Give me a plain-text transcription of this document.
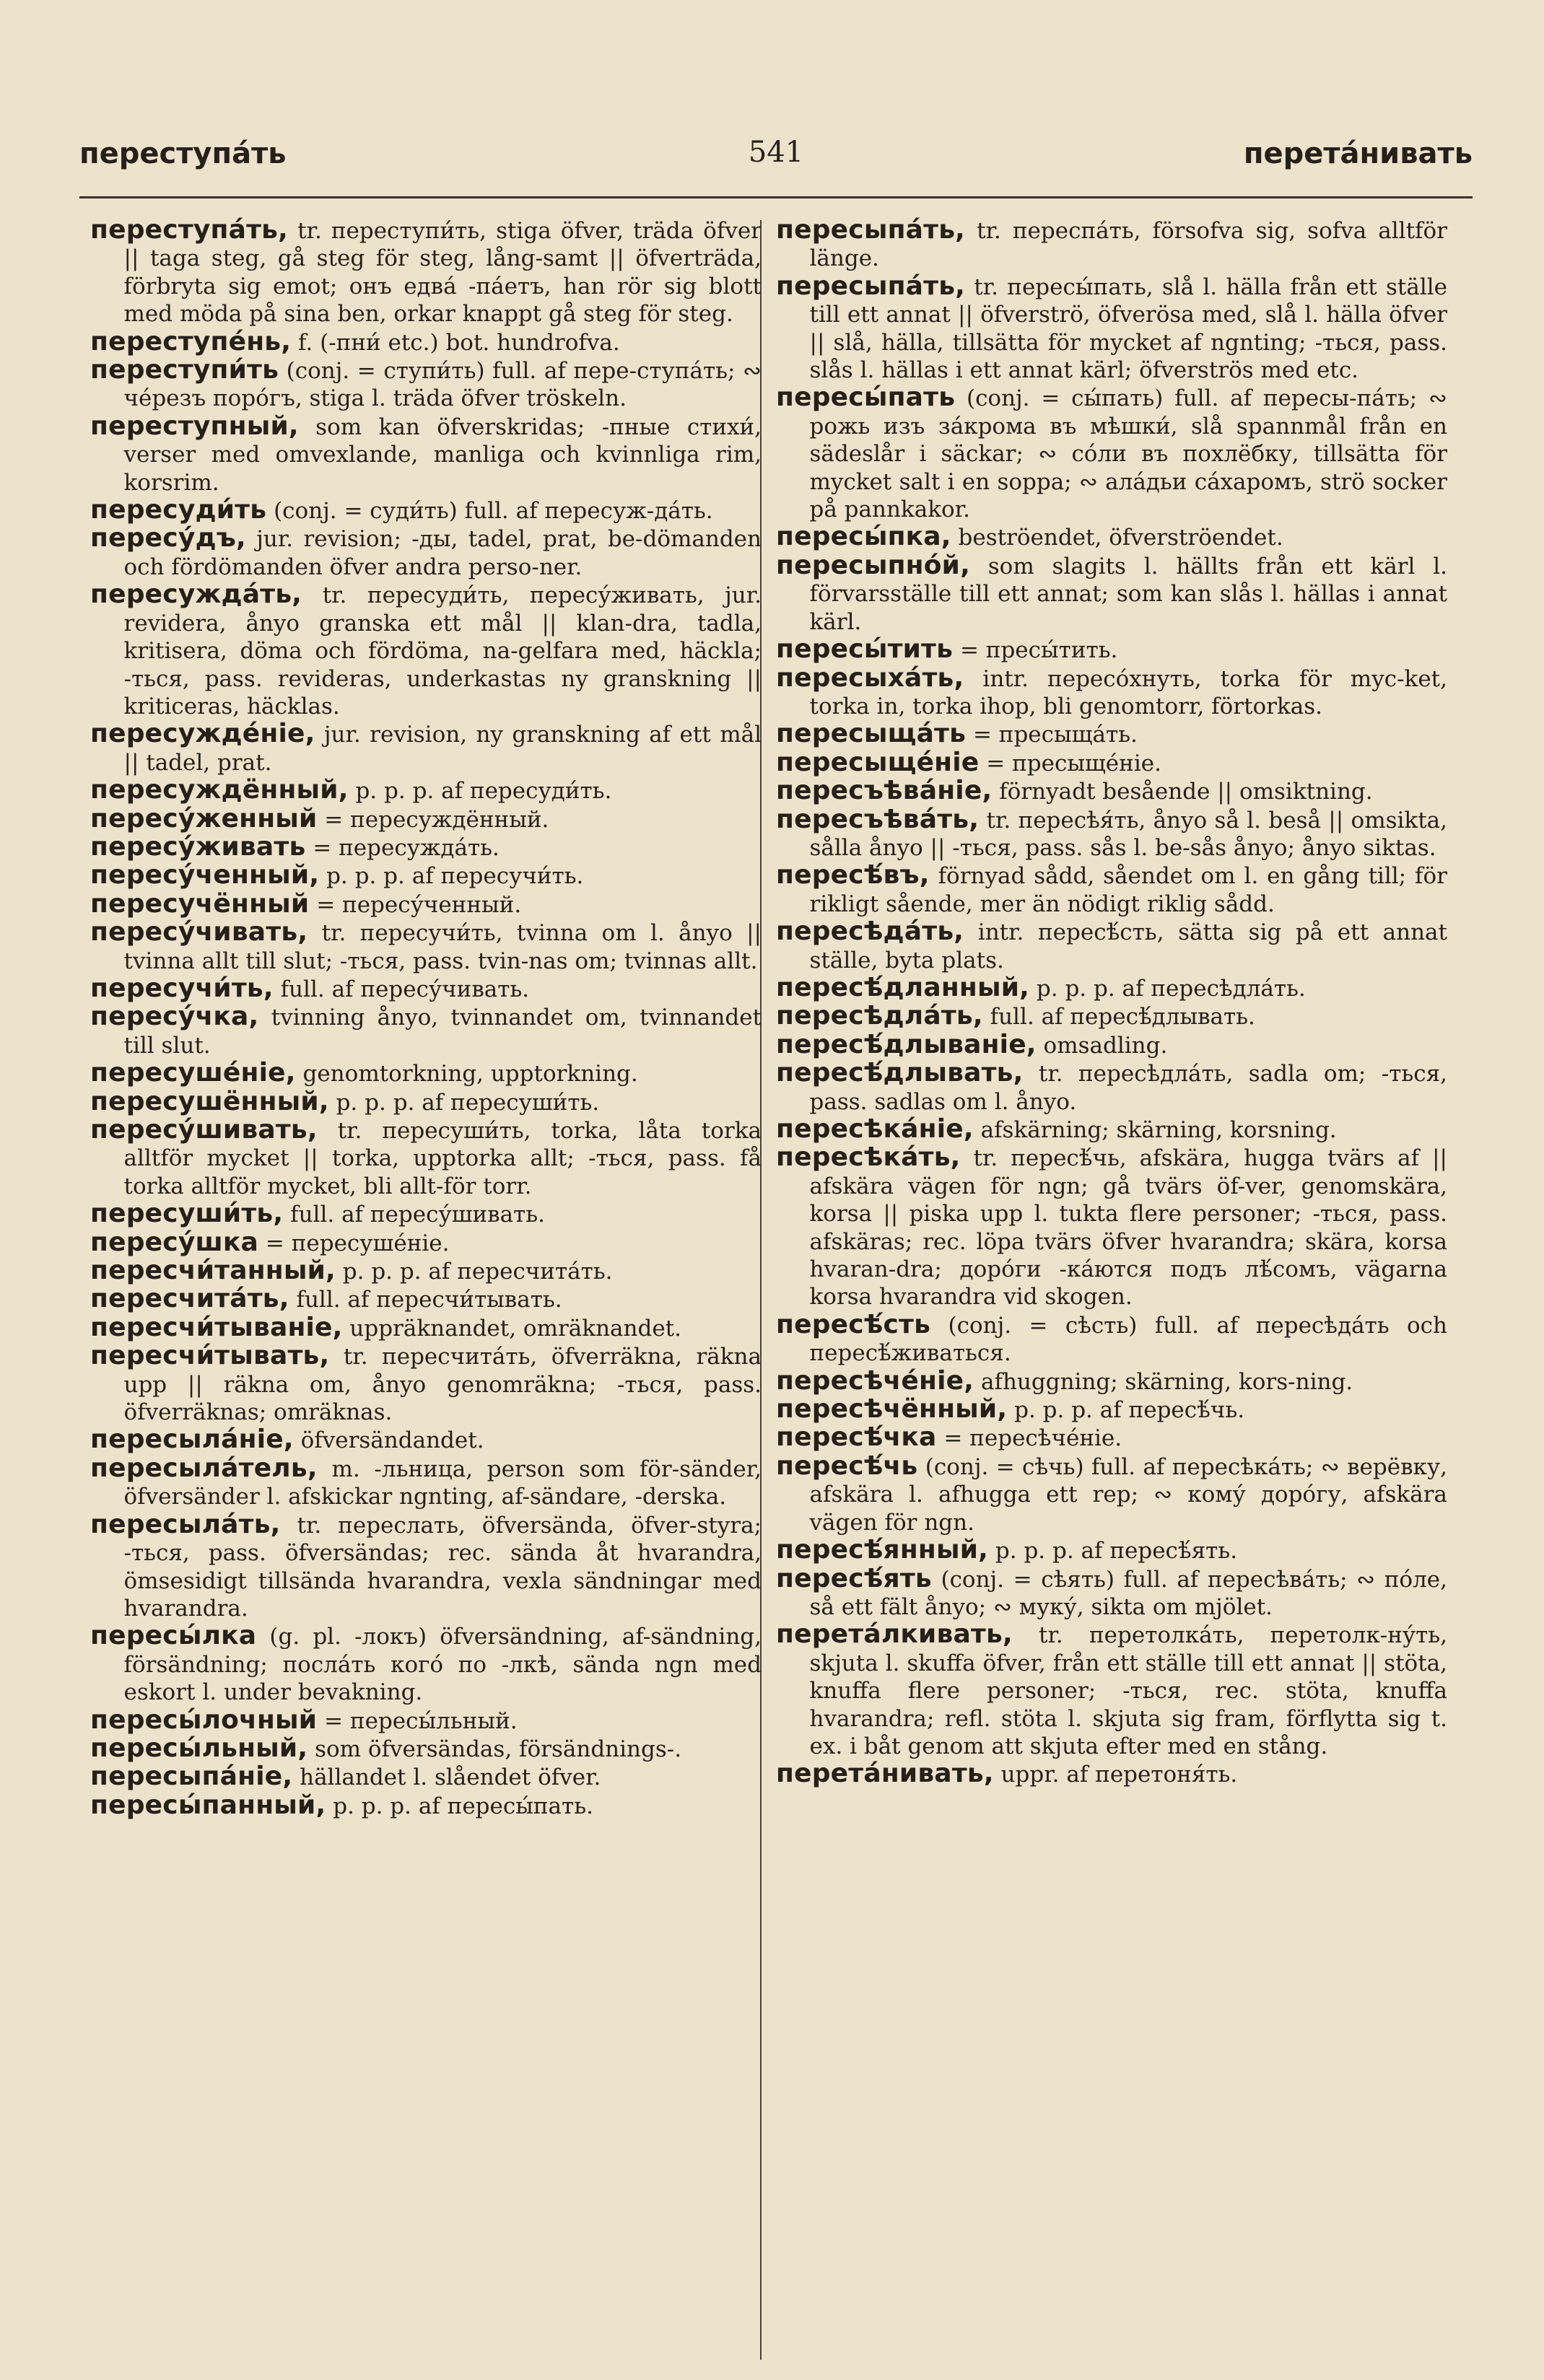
переступа́ть	541	перета́нивать

переступа́ть, tr. переступи́ть, stiga öfver, träda öfver || taga steg, gå steg för steg, lång-samt || öfverträda, förbryta sig emot; онъ едва́ -па́етъ, han rör sig blott med möda på sina ben, orkar knappt gå steg för steg.

переступе́нь, f. (-пни́ etc.) bot. hundrofva.

переступи́ть (conj. = ступи́ть) full. af пере-ступа́ть; ∾ че́резъ поро́гъ, stiga l. träda öfver tröskeln.

переступный, som kan öfverskridas; -пные стихи́, verser med omvexlande, manliga och kvinnliga rim, korsrim.

пересуди́ть (conj. = суди́ть) full. af пересуж-да́ть.

пересу́дъ, jur. revision; -ды, tadel, prat, be-dömanden och fördömanden öfver andra perso-ner.

пересужда́ть, tr. пересуди́ть, пересу́живать, jur. revidera, ånyo granska ett mål || klan-dra, tadla, kritisera, döma och fördöma, na-gelfara med, häckla; -ться, pass. revideras, underkastas ny granskning || kriticeras, häcklas.

пересужде́ніе, jur. revision, ny granskning af ett mål || tadel, prat.

пересуждённый, p. p. p. af пересуди́ть.

пересу́женный = пересуждённый.

пересу́живать = пересужда́ть.

пересу́ченный, p. p. p. af пересучи́ть.

пересучённый = пересу́ченный.

пересу́чивать, tr. пересучи́ть, tvinna om l. ånyo || tvinna allt till slut; -ться, pass. tvin-nas om; tvinnas allt.

пересучи́ть, full. af пересу́чивать.

пересу́чка, tvinning ånyo, tvinnandet om, tvinnandet till slut.

пересуше́ніе, genomtorkning, upptorkning.

пересушённый, p. p. p. af пересуши́ть.

пересу́шивать, tr. пересуши́ть, torka, låta torka alltför mycket || torka, upptorka allt; -ться, pass. få torka alltför mycket, bli allt-för torr.

пересуши́ть, full. af пересу́шивать.

пересу́шка = пересуше́ніе.

пересчи́танный, p. p. p. af пересчита́ть.

пересчита́ть, full. af пересчи́тывать.

пересчи́тываніе, uppräknandet, omräknandet.

пересчи́тывать, tr. пересчита́ть, öfverräkna, räkna upp || räkna om, ånyo genomräkna; -ться, pass. öfverräknas; omräknas.

пересыла́ніе, öfversändandet.

пересыла́тель, m. -льница, person som för-sänder, öfversänder l. afskickar ngnting, af-sändare, -derska.

пересыла́ть, tr. переслать, öfversända, öfver-styra; -ться, pass. öfversändas; rec. sända åt hvarandra, ömsesidigt tillsända hvarandra, vexla sändningar med hvarandra.

пересы́лка (g. pl. -локъ) öfversändning, af-sändning, försändning; посла́ть кого́ по -лкѣ, sända ngn med eskort l. under bevakning.

пересы́лочный = пересы́льный.

пересы́льный, som öfversändas, försändnings-.

пересыпа́ніе, hällandet l. slåendet öfver.

пересы́панный, p. p. p. af пересы́пать.

пересыпа́ть, tr. переспа́ть, försofva sig, sofva alltför länge.

пересыпа́ть, tr. пересы́пать, slå l. hälla från ett ställe till ett annat || öfverströ, öfverösa med, slå l. hälla öfver || slå, hälla, tillsätta för mycket af ngnting; -ться, pass. slås l. hällas i ett annat kärl; öfverströs med etc.

пересы́пать (conj. = сы́пать) full. af пересы-па́ть; ∾ рожь изъ за́крома въ мѣшки́, slå spannmål från en sädeslår i säckar; ∾ со́ли въ похлёбку, tillsätta för mycket salt i en soppa; ∾ ала́дьи са́харомъ, strö socker på pannkakor.

пересы́пка, beströendet, öfverströendet.

пересыпно́й, som slagits l. hällts från ett kärl l. förvarsställe till ett annat; som kan slås l. hällas i annat kärl.

пересы́тить = пресы́тить.

пересыха́ть, intr. пересо́хнуть, torka för myc-ket, torka in, torka ihop, bli genomtorr, förtorkas.

пересыща́ть = пресыща́ть.

пересыще́ніе = пресыще́ніе.

пересъѣва́ніе, förnyadt besående || omsiktning.

пересъѣва́ть, tr. пересѣя́ть, ånyo så l. beså || omsikta, sålla ånyo || -ться, pass. sås l. be-sås ånyo; ånyo siktas.

пересѣ́въ, förnyad sådd, såendet om l. en gång till; för rikligt sående, mer än nödigt riklig sådd.

пересѣда́ть, intr. пересѣ́сть, sätta sig på ett annat ställe, byta plats.

пересѣ́дланный, p. p. p. af пересѣдла́ть.

пересѣдла́ть, full. af пересѣ́длывать.

пересѣ́длываніе, omsadling.

пересѣ́длывать, tr. пересѣдла́ть, sadla om; -ться, pass. sadlas om l. ånyo.

пересѣка́ніе, afskärning; skärning, korsning.

пересѣка́ть, tr. пересѣ́чь, afskära, hugga tvärs af || afskära vägen för ngn; gå tvärs öf-ver, genomskära, korsa || piska upp l. tukta flere personer; -ться, pass. afskäras; rec. löpa tvärs öfver hvarandra; skära, korsa hvaran-dra; доро́ги -ка́ются подъ лѣ́сомъ, vägarna korsa hvarandra vid skogen.

пересѣ́сть (conj. = сѣсть) full. af пересѣда́ть och пересѣ́живаться.

пересѣче́ніе, afhuggning; skärning, kors-ning.

пересѣчённый, p. p. p. af пересѣ́чь.

пересѣ́чка = пересѣче́ніе.

пересѣ́чь (conj. = сѣчь) full. af пересѣка́ть; ∾ верёвку, afskära l. afhugga ett rep; ∾ кому́ доро́гу, afskära vägen för ngn.

пересѣ́янный, p. p. p. af пересѣ́ять.

пересѣ́ять (conj. = сѣять) full. af пересѣва́ть; ∾ по́ле, så ett fält ånyo; ∾ муку́, sikta om mjölet.

перета́лкивать, tr. перетолка́ть, перетолк-ну́ть, skjuta l. skuffa öfver, från ett ställe till ett annat || stöta, knuffa flere personer; -ться, rec. stöta, knuffa hvarandra; refl. stöta l. skjuta sig fram, förflytta sig t. ex. i båt genom att skjuta efter med en stång.

перета́нивать, uppr. af перетоня́ть.
